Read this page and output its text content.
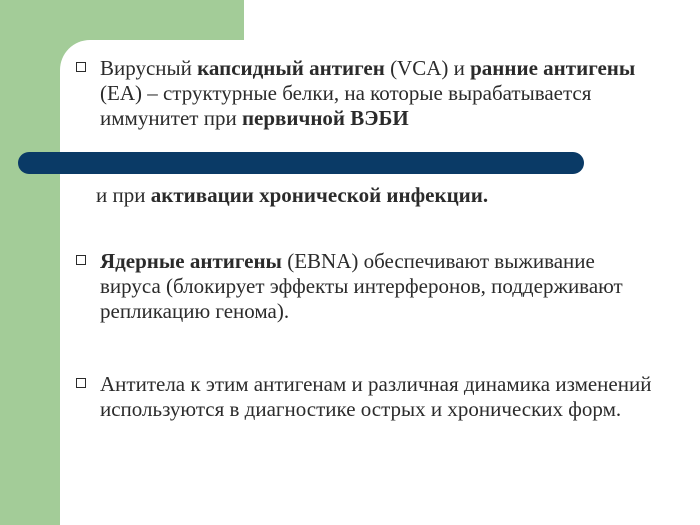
Вирусный капсидный антиген (VCA) и ранние антигены (EA) – структурные белки, на которые вырабатывается иммунитет при первичной ВЭБИ
и при активации хронической инфекции.
Ядерные антигены (EBNA) обеспечивают выживание вируса (блокирует эффекты интерферонов, поддерживают репликацию генома).
Антитела к этим антигенам и различная динамика изменений используются в диагностике острых и хронических форм.
